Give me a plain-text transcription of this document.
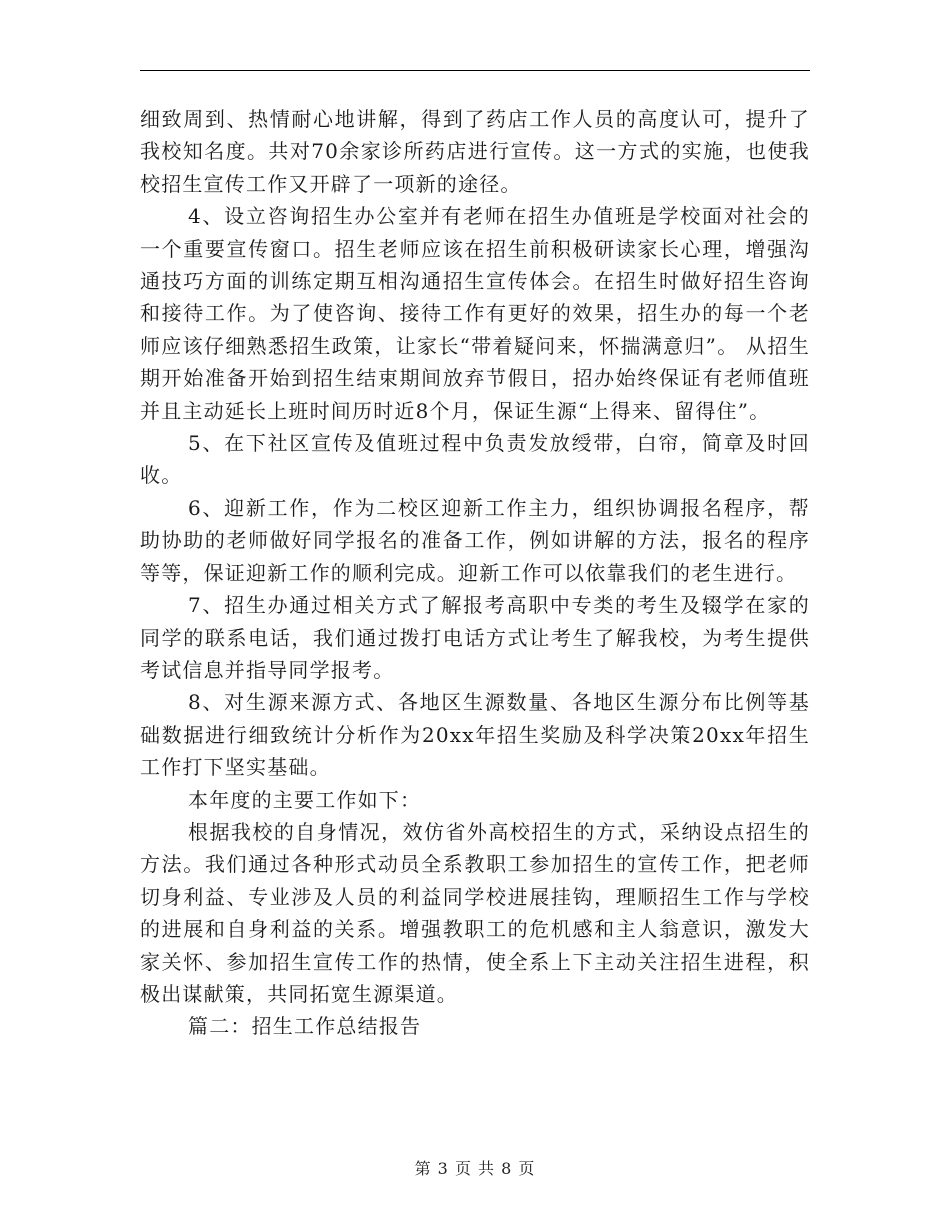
细致周到、热情耐心地讲解，得到了药店工作人员的高度认可，提升了我校知名度。共对70余家诊所药店进行宣传。这一方式的实施，也使我校招生宣传工作又开辟了一项新的途径。

4、设立咨询招生办公室并有老师在招生办值班是学校面对社会的一个重要宣传窗口。招生老师应该在招生前积极研读家长心理，增强沟通技巧方面的训练定期互相沟通招生宣传体会。在招生时做好招生咨询和接待工作。为了使咨询、接待工作有更好的效果，招生办的每一个老师应该仔细熟悉招生政策，让家长“带着疑问来，怀揣满意归”。 从招生期开始准备开始到招生结束期间放弃节假日，招办始终保证有老师值班并且主动延长上班时间历时近8个月，保证生源“上得来、留得住”。

5、在下社区宣传及值班过程中负责发放绶带，白帘，简章及时回收。

6、迎新工作，作为二校区迎新工作主力，组织协调报名程序，帮助协助的老师做好同学报名的准备工作，例如讲解的方法，报名的程序等等，保证迎新工作的顺利完成。迎新工作可以依靠我们的老生进行。

7、招生办通过相关方式了解报考高职中专类的考生及辍学在家的同学的联系电话，我们通过拨打电话方式让考生了解我校，为考生提供考试信息并指导同学报考。

8、对生源来源方式、各地区生源数量、各地区生源分布比例等基础数据进行细致统计分析作为20xx年招生奖励及科学决策20xx年招生工作打下坚实基础。

本年度的主要工作如下：

根据我校的自身情况，效仿省外高校招生的方式，采纳设点招生的方法。我们通过各种形式动员全系教职工参加招生的宣传工作，把老师切身利益、专业涉及人员的利益同学校进展挂钩，理顺招生工作与学校的进展和自身利益的关系。增强教职工的危机感和主人翁意识，激发大家关怀、参加招生宣传工作的热情，使全系上下主动关注招生进程，积极出谋献策，共同拓宽生源渠道。

篇二：招生工作总结报告

第 3 页 共 8 页
